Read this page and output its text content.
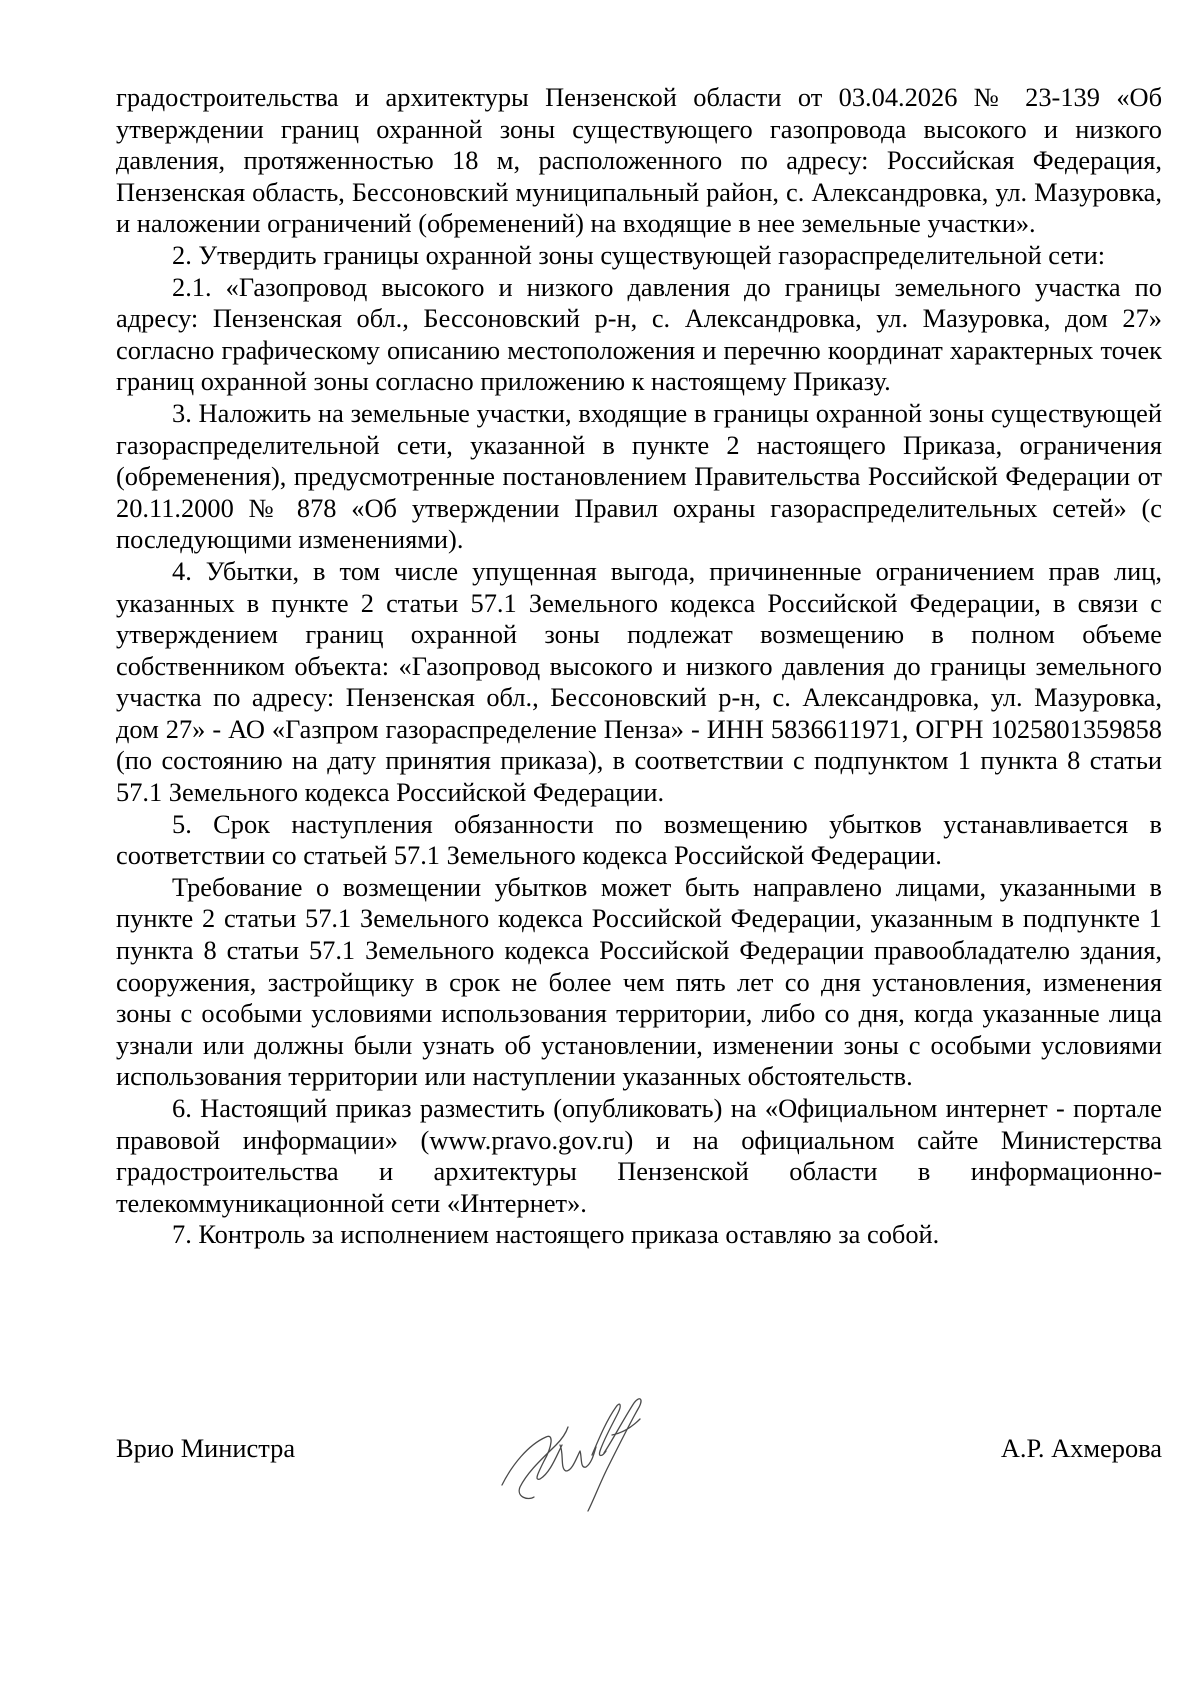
градостроительства и архитектуры Пензенской области от 03.04.2026 № 23-139 «Об утверждении границ охранной зоны существующего газопровода высокого и низкого давления, протяженностью 18 м, расположенного по адресу: Российская Федерация, Пензенская область, Бессоновский муниципальный район, с. Александровка, ул. Мазуровка, и наложении ограничений (обременений) на входящие в нее земельные участки».

2. Утвердить границы охранной зоны существующей газораспределительной сети:

2.1. «Газопровод высокого и низкого давления до границы земельного участка по адресу: Пензенская обл., Бессоновский р-н, с. Александровка, ул. Мазуровка, дом 27» согласно графическому описанию местоположения и перечню координат характерных точек границ охранной зоны согласно приложению к настоящему Приказу.

3. Наложить на земельные участки, входящие в границы охранной зоны существующей газораспределительной сети, указанной в пункте 2 настоящего Приказа, ограничения (обременения), предусмотренные постановлением Правительства Российской Федерации от 20.11.2000 № 878 «Об утверждении Правил охраны газораспределительных сетей» (с последующими изменениями).

4. Убытки, в том числе упущенная выгода, причиненные ограничением прав лиц, указанных в пункте 2 статьи 57.1 Земельного кодекса Российской Федерации, в связи с утверждением границ охранной зоны подлежат возмещению в полном объеме собственником объекта: «Газопровод высокого и низкого давления до границы земельного участка по адресу: Пензенская обл., Бессоновский р-н, с. Александровка, ул. Мазуровка, дом 27» - АО «Газпром газораспределение Пенза» - ИНН 5836611971, ОГРН 1025801359858 (по состоянию на дату принятия приказа), в соответствии с подпунктом 1 пункта 8 статьи 57.1 Земельного кодекса Российской Федерации.

5. Срок наступления обязанности по возмещению убытков устанавливается в соответствии со статьей 57.1 Земельного кодекса Российской Федерации.

Требование о возмещении убытков может быть направлено лицами, указанными в пункте 2 статьи 57.1 Земельного кодекса Российской Федерации, указанным в подпункте 1 пункта 8 статьи 57.1 Земельного кодекса Российской Федерации правообладателю здания, сооружения, застройщику в срок не более чем пять лет со дня установления, изменения зоны с особыми условиями использования территории, либо со дня, когда указанные лица узнали или должны были узнать об установлении, изменении зоны с особыми условиями использования территории или наступлении указанных обстоятельств.

6. Настоящий приказ разместить (опубликовать) на «Официальном интернет - портале правовой информации» (www.pravo.gov.ru) и на официальном сайте Министерства градостроительства и архитектуры Пензенской области в информационно-телекоммуникационной сети «Интернет».

7. Контроль за исполнением настоящего приказа оставляю за собой.

Врио Министра	А.Р. Ахмерова
